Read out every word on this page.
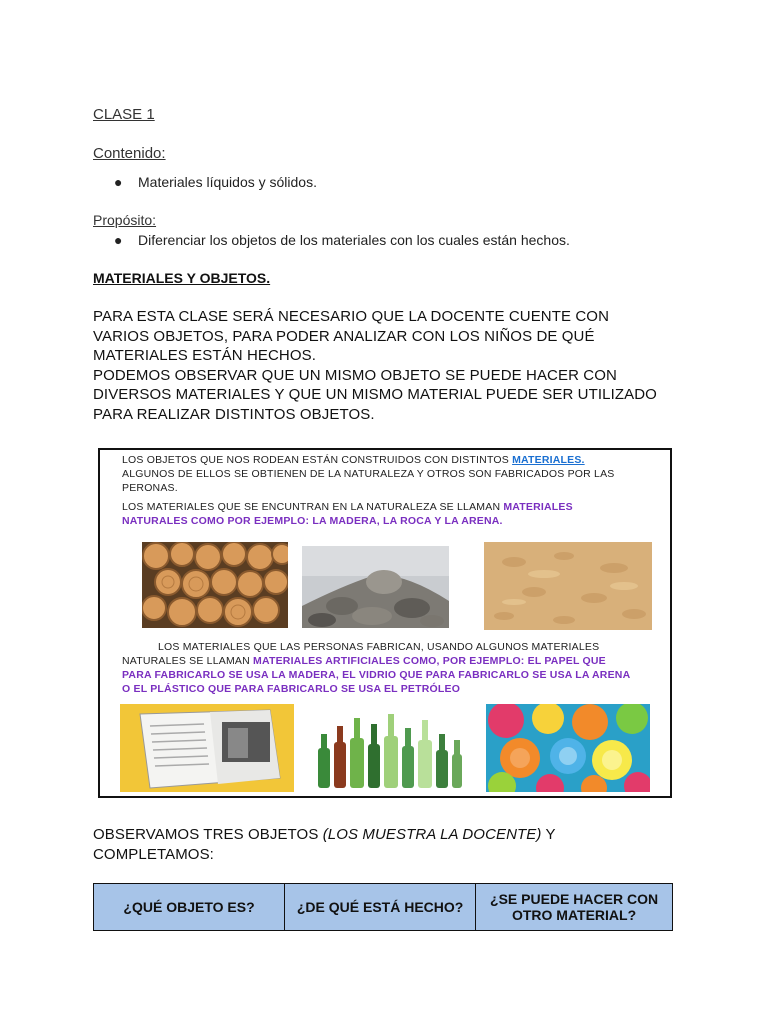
CLASE 1
Contenido:
● Materiales líquidos y sólidos.
Propósito:
● Diferenciar los objetos de los materiales con los cuales están hechos.
MATERIALES Y OBJETOS.
PARA ESTA CLASE SERÁ NECESARIO QUE LA DOCENTE CUENTE CON
VARIOS OBJETOS, PARA PODER ANALIZAR CON LOS NIÑOS DE QUÉ
MATERIALES ESTÁN HECHOS.
PODEMOS OBSERVAR QUE UN MISMO OBJETO SE PUEDE HACER CON
DIVERSOS MATERIALES Y QUE UN MISMO MATERIAL PUEDE SER UTILIZADO
PARA REALIZAR DISTINTOS OBJETOS.
LOS OBJETOS QUE NOS RODEAN ESTÁN CONSTRUIDOS CON DISTINTOS MATERIALES.
ALGUNOS DE ELLOS SE OBTIENEN DE LA NATURALEZA Y OTROS SON FABRICADOS POR LAS
PERONAS.
LOS MATERIALES QUE SE ENCUNTRAN EN LA NATURALEZA SE LLAMAN MATERIALES
NATURALES COMO POR EJEMPLO: LA MADERA, LA ROCA Y LA ARENA.
LOS MATERIALES QUE LAS PERSONAS FABRICAN, USANDO ALGUNOS MATERIALES
NATURALES SE LLAMAN MATERIALES ARTIFICIALES COMO, POR EJEMPLO: EL PAPEL QUE
PARA FABRICARLO SE USA LA MADERA, EL VIDRIO QUE PARA FABRICARLO SE USA LA ARENA
O EL PLÁSTICO QUE PARA FABRICARLO SE USA EL PETRÓLEO
OBSERVAMOS TRES OBJETOS (LOS MUESTRA LA DOCENTE) Y
COMPLETAMOS:
¿QUÉ OBJETO ES?	¿DE QUÉ ESTÁ HECHO?	¿SE PUEDE HACER CON OTRO MATERIAL?
